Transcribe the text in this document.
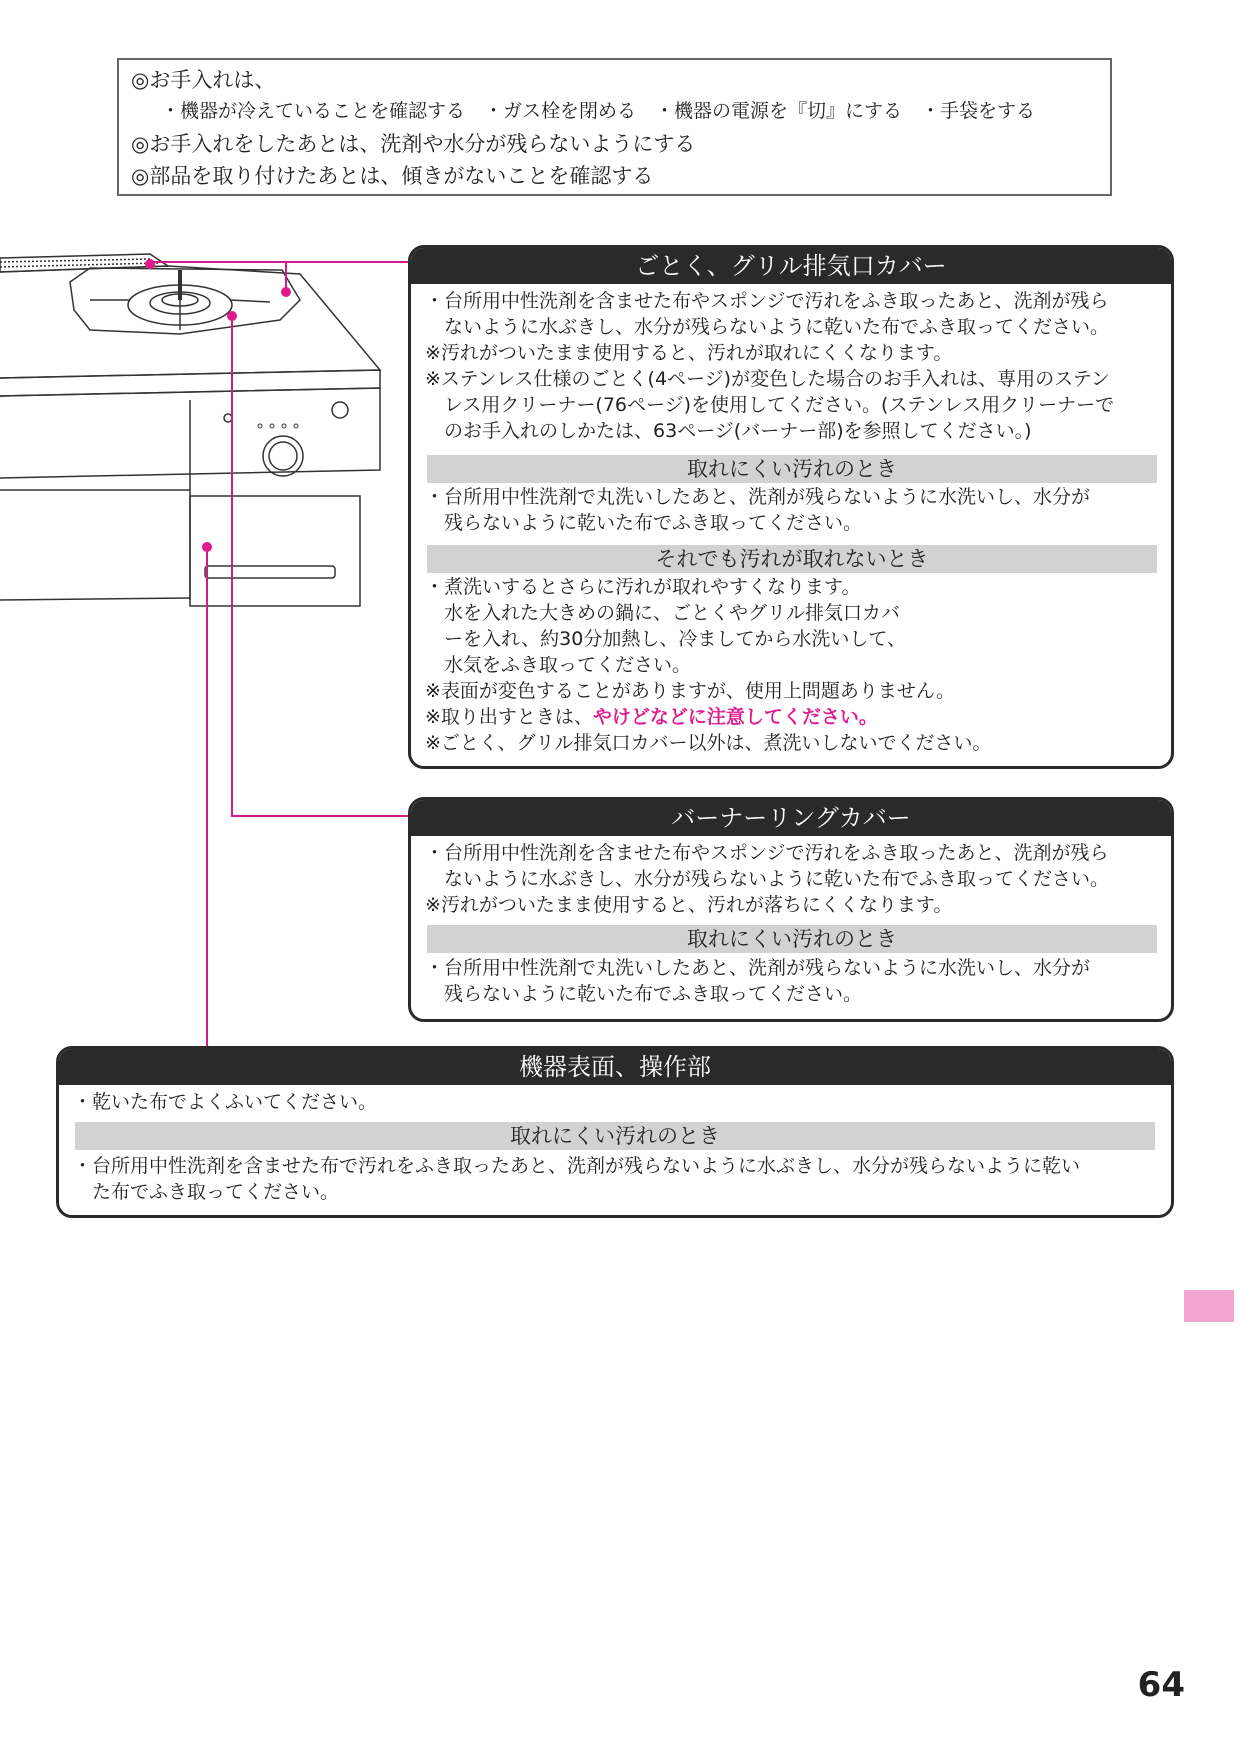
◎お手入れは、
・機器が冷えていることを確認する　・ガス栓を閉める　・機器の電源を『切』にする　・手袋をする
◎お手入れをしたあとは、洗剤や水分が残らないようにする
◎部品を取り付けたあとは、傾きがないことを確認する
ごとく、グリル排気口カバー
・台所用中性洗剤を含ませた布やスポンジで汚れをふき取ったあと、洗剤が残ら
　ないように水ぶきし、水分が残らないように乾いた布でふき取ってください。
※汚れがついたまま使用すると、汚れが取れにくくなります。
※ステンレス仕様のごとく(4ページ)が変色した場合のお手入れは、専用のステン
　レス用クリーナー(76ページ)を使用してください。(ステンレス用クリーナーで
　のお手入れのしかたは、63ページ(バーナー部)を参照してください。)
取れにくい汚れのとき
・台所用中性洗剤で丸洗いしたあと、洗剤が残らないように水洗いし、水分が
　残らないように乾いた布でふき取ってください。
それでも汚れが取れないとき
・煮洗いするとさらに汚れが取れやすくなります。
　水を入れた大きめの鍋に、ごとくやグリル排気口カバ
　ーを入れ、約30分加熱し、冷ましてから水洗いして、
　水気をふき取ってください。
※表面が変色することがありますが、使用上問題ありません。
※取り出すときは、やけどなどに注意してください。
※ごとく、グリル排気口カバー以外は、煮洗いしないでください。
バーナーリングカバー
・台所用中性洗剤を含ませた布やスポンジで汚れをふき取ったあと、洗剤が残ら
　ないように水ぶきし、水分が残らないように乾いた布でふき取ってください。
※汚れがついたまま使用すると、汚れが落ちにくくなります。
取れにくい汚れのとき
・台所用中性洗剤で丸洗いしたあと、洗剤が残らないように水洗いし、水分が
　残らないように乾いた布でふき取ってください。
機器表面、操作部
・乾いた布でよくふいてください。
取れにくい汚れのとき
・台所用中性洗剤を含ませた布で汚れをふき取ったあと、洗剤が残らないように水ぶきし、水分が残らないように乾い
　た布でふき取ってください。
64
